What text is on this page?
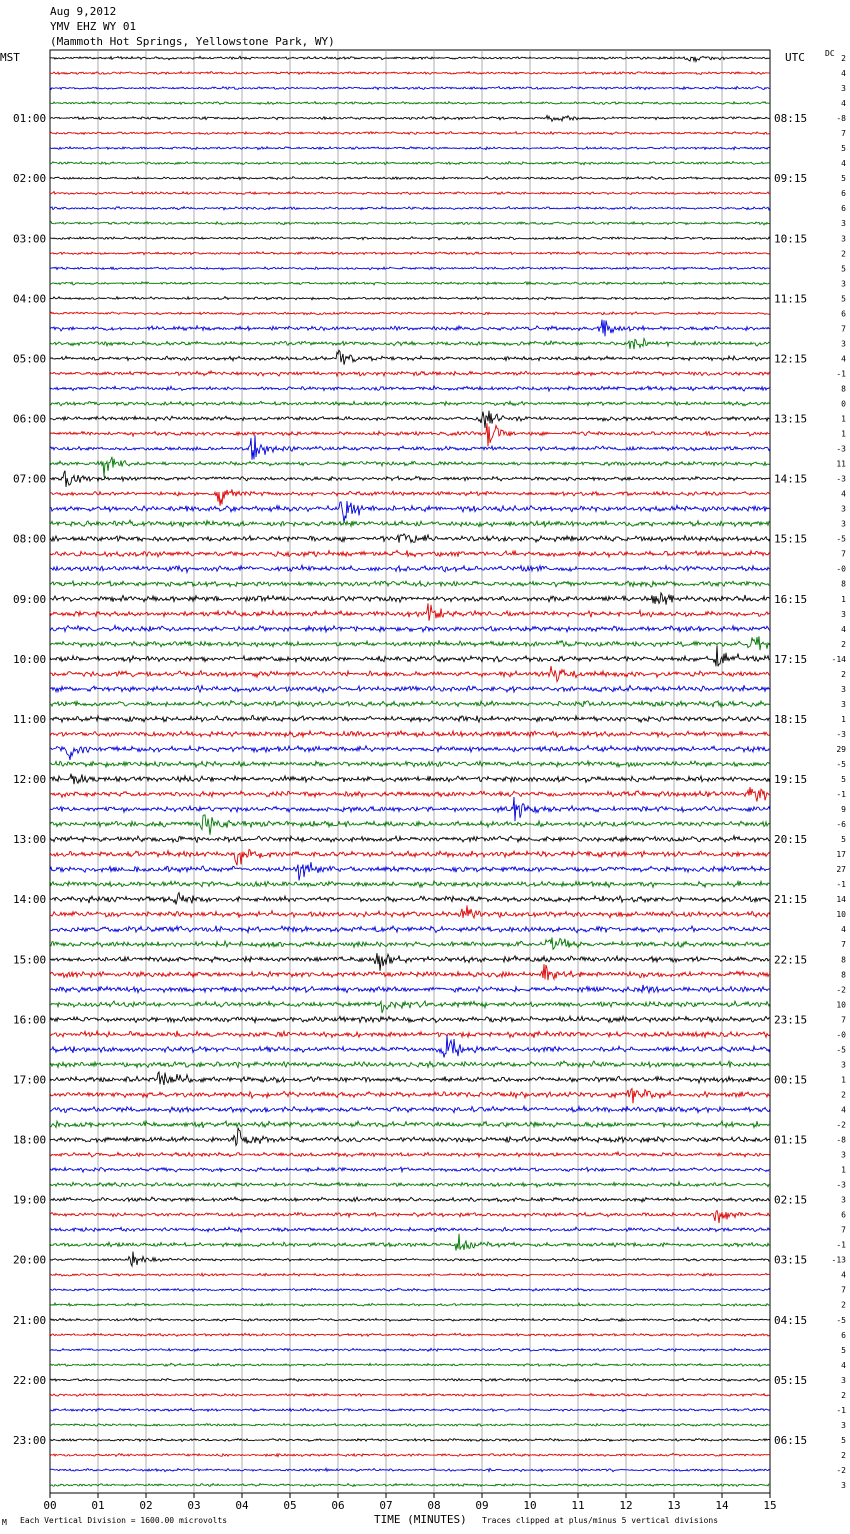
Aug 9,2012
YMV EHZ WY 01
(Mammoth Hot Springs, Yellowstone Park, WY)
MST	UTC	DC
01:00
02:00
03:00
04:00
05:00
06:00
07:00
08:00
09:00
10:00
11:00
12:00
13:00
14:00
15:00
16:00
17:00
18:00
19:00
20:00
21:00
22:00
23:00
08:15
09:15
10:15
11:15
12:15
13:15
14:15
15:15
16:15
17:15
18:15
19:15
20:15
21:15
22:15
23:15
00:15
01:15
02:15
03:15
04:15
05:15
06:15
2
4
3
4
-8
7
5
4
5
6
6
3
3
2
5
3
5
6
7
3
4
-1
8
0
1
1
-3
11
-3
4
3
3
-5
7
-0
8
1
3
4
2
-14
2
3
3
1
-3
29
-5
5
-1
9
-6
5
17
27
-1
14
10
4
7
8
8
-2
10
7
-0
-5
3
1
2
4
-2
-8
3
1
-3
3
6
7
-1
-13
4
7
2
-5
6
5
4
3
2
-1
3
5
2
-2
3
00	01	02	03	04	05	06	07	08	09	10	11	12	13	14	15
M Each Vertical Division = 1600.00 microvolts	TIME (MINUTES) Traces clipped at plus/minus 5 vertical divisions
